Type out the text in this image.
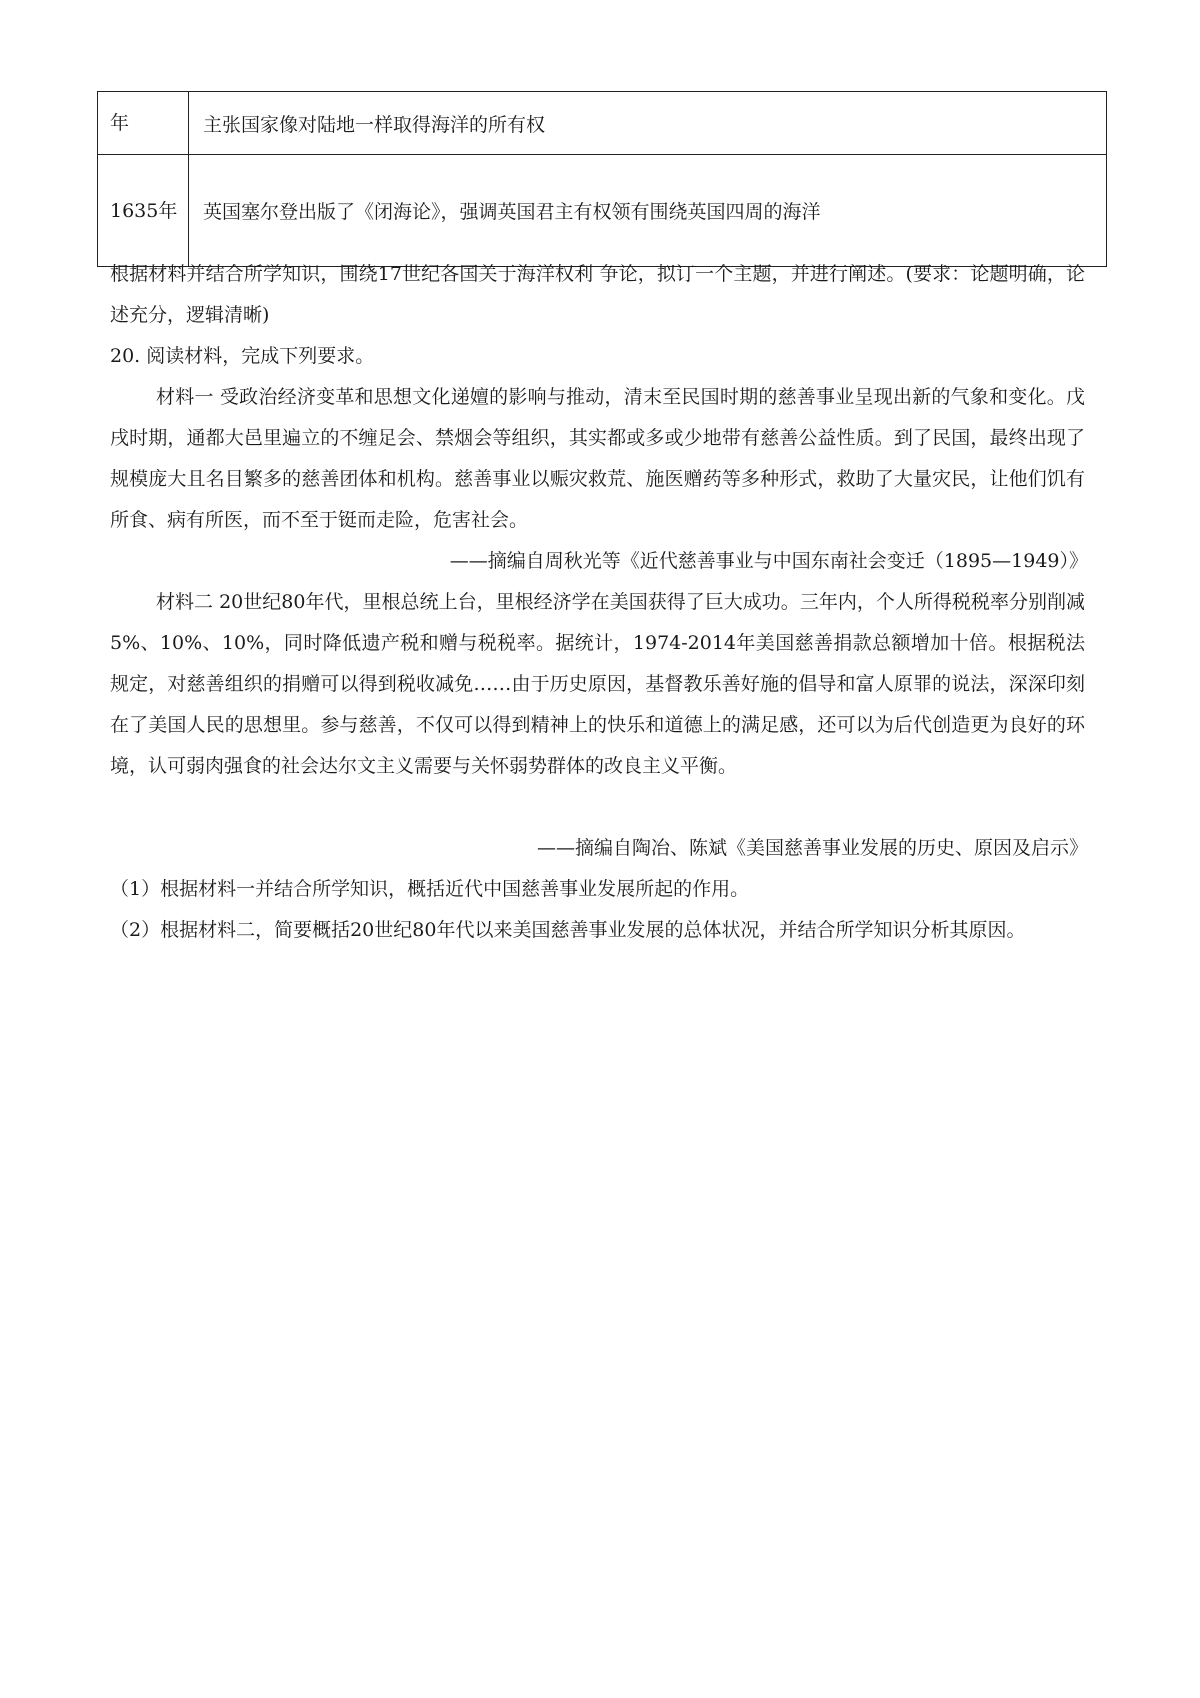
年	主张国家像对陆地一样取得海洋的所有权
1635年	英国塞尔登出版了《闭海论》，强调英国君主有权领有围绕英国四周的海洋
根据材料并结合所学知识，围绕17世纪各国关于海洋权利 争论，拟订一个主题，并进行阐述。(要求：论题明确，论述充分，逻辑清晰)
20. 阅读材料，完成下列要求。
材料一 受政治经济变革和思想文化递嬗的影响与推动，清末至民国时期的慈善事业呈现出新的气象和变化。戊戌时期，通都大邑里遍立的不缠足会、禁烟会等组织，其实都或多或少地带有慈善公益性质。到了民国，最终出现了规模庞大且名目繁多的慈善团体和机构。慈善事业以赈灾救荒、施医赠药等多种形式，救助了大量灾民，让他们饥有所食、病有所医，而不至于铤而走险，危害社会。
——摘编自周秋光等《近代慈善事业与中国东南社会变迁（1895—1949）》
材料二 20世纪80年代，里根总统上台，里根经济学在美国获得了巨大成功。三年内，个人所得税税率分别削减5%、10%、10%，同时降低遗产税和赠与税税率。据统计，1974-2014年美国慈善捐款总额增加十倍。根据税法规定，对慈善组织的捐赠可以得到税收减免……由于历史原因，基督教乐善好施的倡导和富人原罪的说法，深深印刻在了美国人民的思想里。参与慈善，不仅可以得到精神上的快乐和道德上的满足感，还可以为后代创造更为良好的环境，认可弱肉强食的社会达尔文主义需要与关怀弱势群体的改良主义平衡。
——摘编自陶冶、陈斌《美国慈善事业发展的历史、原因及启示》
（1）根据材料一并结合所学知识，概括近代中国慈善事业发展所起的作用。
（2）根据材料二，简要概括20世纪80年代以来美国慈善事业发展的总体状况，并结合所学知识分析其原因。
